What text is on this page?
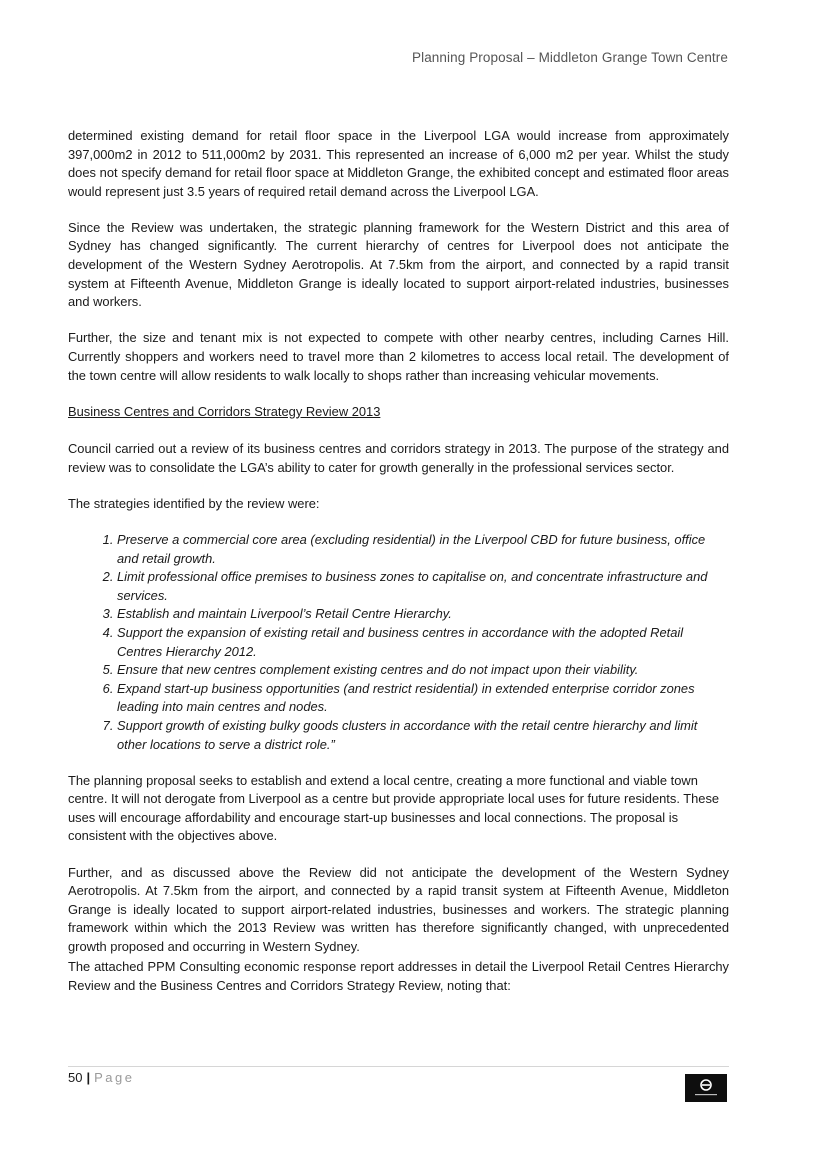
Planning Proposal – Middleton Grange Town Centre

determined existing demand for retail floor space in the Liverpool LGA would increase from approximately 397,000m2 in 2012 to 511,000m2 by 2031. This represented an increase of 6,000 m2 per year. Whilst the study does not specify demand for retail floor space at Middleton Grange, the exhibited concept and estimated floor areas would represent just 3.5 years of required retail demand across the Liverpool LGA.

Since the Review was undertaken, the strategic planning framework for the Western District and this area of Sydney has changed significantly. The current hierarchy of centres for Liverpool does not anticipate the development of the Western Sydney Aerotropolis. At 7.5km from the airport, and connected by a rapid transit system at Fifteenth Avenue, Middleton Grange is ideally located to support airport-related industries, businesses and workers.

Further, the size and tenant mix is not expected to compete with other nearby centres, including Carnes Hill. Currently shoppers and workers need to travel more than 2 kilometres to access local retail. The development of the town centre will allow residents to walk locally to shops rather than increasing vehicular movements.

Business Centres and Corridors Strategy Review 2013

Council carried out a review of its business centres and corridors strategy in 2013. The purpose of the strategy and review was to consolidate the LGA’s ability to cater for growth generally in the professional services sector.

The strategies identified by the review were:

1. Preserve a commercial core area (excluding residential) in the Liverpool CBD for future business, office and retail growth.
2. Limit professional office premises to business zones to capitalise on, and concentrate infrastructure and services.
3. Establish and maintain Liverpool’s Retail Centre Hierarchy.
4. Support the expansion of existing retail and business centres in accordance with the adopted Retail Centres Hierarchy 2012.
5. Ensure that new centres complement existing centres and do not impact upon their viability.
6. Expand start-up business opportunities (and restrict residential) in extended enterprise corridor zones leading into main centres and nodes.
7. Support growth of existing bulky goods clusters in accordance with the retail centre hierarchy and limit other locations to serve a district role.”

The planning proposal seeks to establish and extend a local centre, creating a more functional and viable town centre. It will not derogate from Liverpool as a centre but provide appropriate local uses for future residents. These uses will encourage affordability and encourage start-up businesses and local connections. The proposal is consistent with the objectives above.

Further, and as discussed above the Review did not anticipate the development of the Western Sydney Aerotropolis. At 7.5km from the airport, and connected by a rapid transit system at Fifteenth Avenue, Middleton Grange is ideally located to support airport-related industries, businesses and workers. The strategic planning framework within which the 2013 Review was written has therefore significantly changed, with unprecedented growth proposed and occurring in Western Sydney.

The attached PPM Consulting economic response report addresses in detail the Liverpool Retail Centres Hierarchy Review and the Business Centres and Corridors Strategy Review, noting that:

50 | Page
